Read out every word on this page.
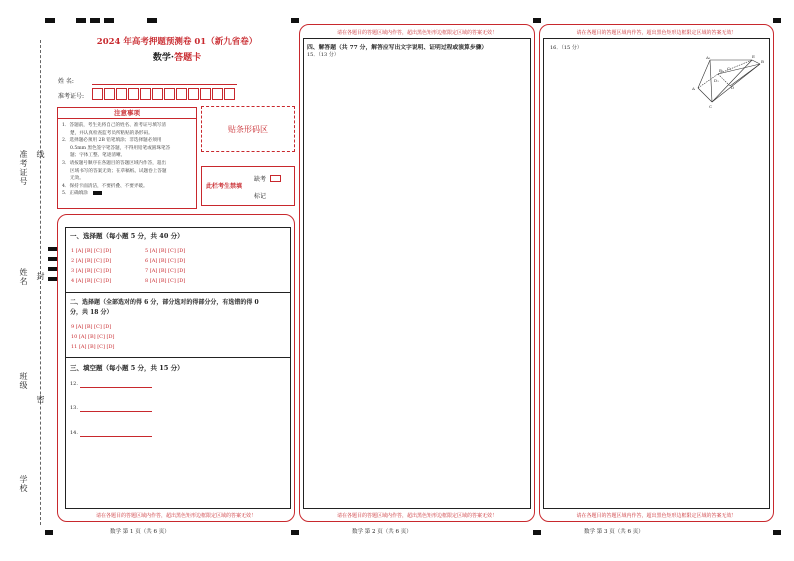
准考证号 线
姓名 封
班级
密
学校
2024 年高考押题预测卷 01（新九省卷）
数学·答题卡
姓 名:
准考证号:
注意事项
1．答题前，考生先将自己的姓名、准考证号填写清
楚，并认真检查监考员所粘贴的条形码。
2．选择题必须用 2B 铅笔填涂；非选择题必须用
0.5mm 黑色签字笔答题，不得用铅笔或圆珠笔答
题；字体工整、笔迹清晰。
3．请按题号顺序在各题目的答题区域内作答，超出
区域书写的答案无效；在草稿纸、试题卷上答题
无效。
4．保持卡面清洁，不要折叠、不要弄破。
5．正确填涂
贴条形码区
此栏考生禁填
缺考
标记
一、选择题（每小题 5 分，共 40 分）
1 [A] [B] [C] [D]
2 [A] [B] [C] [D]
3 [A] [B] [C] [D]
4 [A] [B] [C] [D]
5 [A] [B] [C] [D]
6 [A] [B] [C] [D]
7 [A] [B] [C] [D]
8 [A] [B] [C] [D]
二、选择题（全部选对的得 6 分，部分选对的得部分分，有选错的得 0
分，共 18 分）
9 [A] [B] [C] [D]
10 [A] [B] [C] [D]
11 [A] [B] [C] [D]
三、填空题（每小题 5 分，共 15 分）
12.
13.
14.
请在各题目的答题区域内作答，超出黑色矩形边框限定区域的答案无效！
数学 第 1 页（共 6 页）
请在各题目的答题区域内作答，超出黑色矩形边框限定区域的答案无效！
四、解答题（共 77 分，解答应写出文字说明、证明过程或演算步骤）
15．（13 分）
请在各题目的答题区域内作答，超出黑色矩形边框限定区域的答案无效！
数学 第 2 页（共 6 页）
请在各题目的答题区域内作答，超出黑色矩形边框限定区域的答案无效！
16．（15 分）
A₁	E
B
B₁ C₁
A	D
C
D₁
请在各题目的答题区域内作答，超出黑色矩形边框限定区域的答案无效！
数学 第 3 页（共 6 页）
